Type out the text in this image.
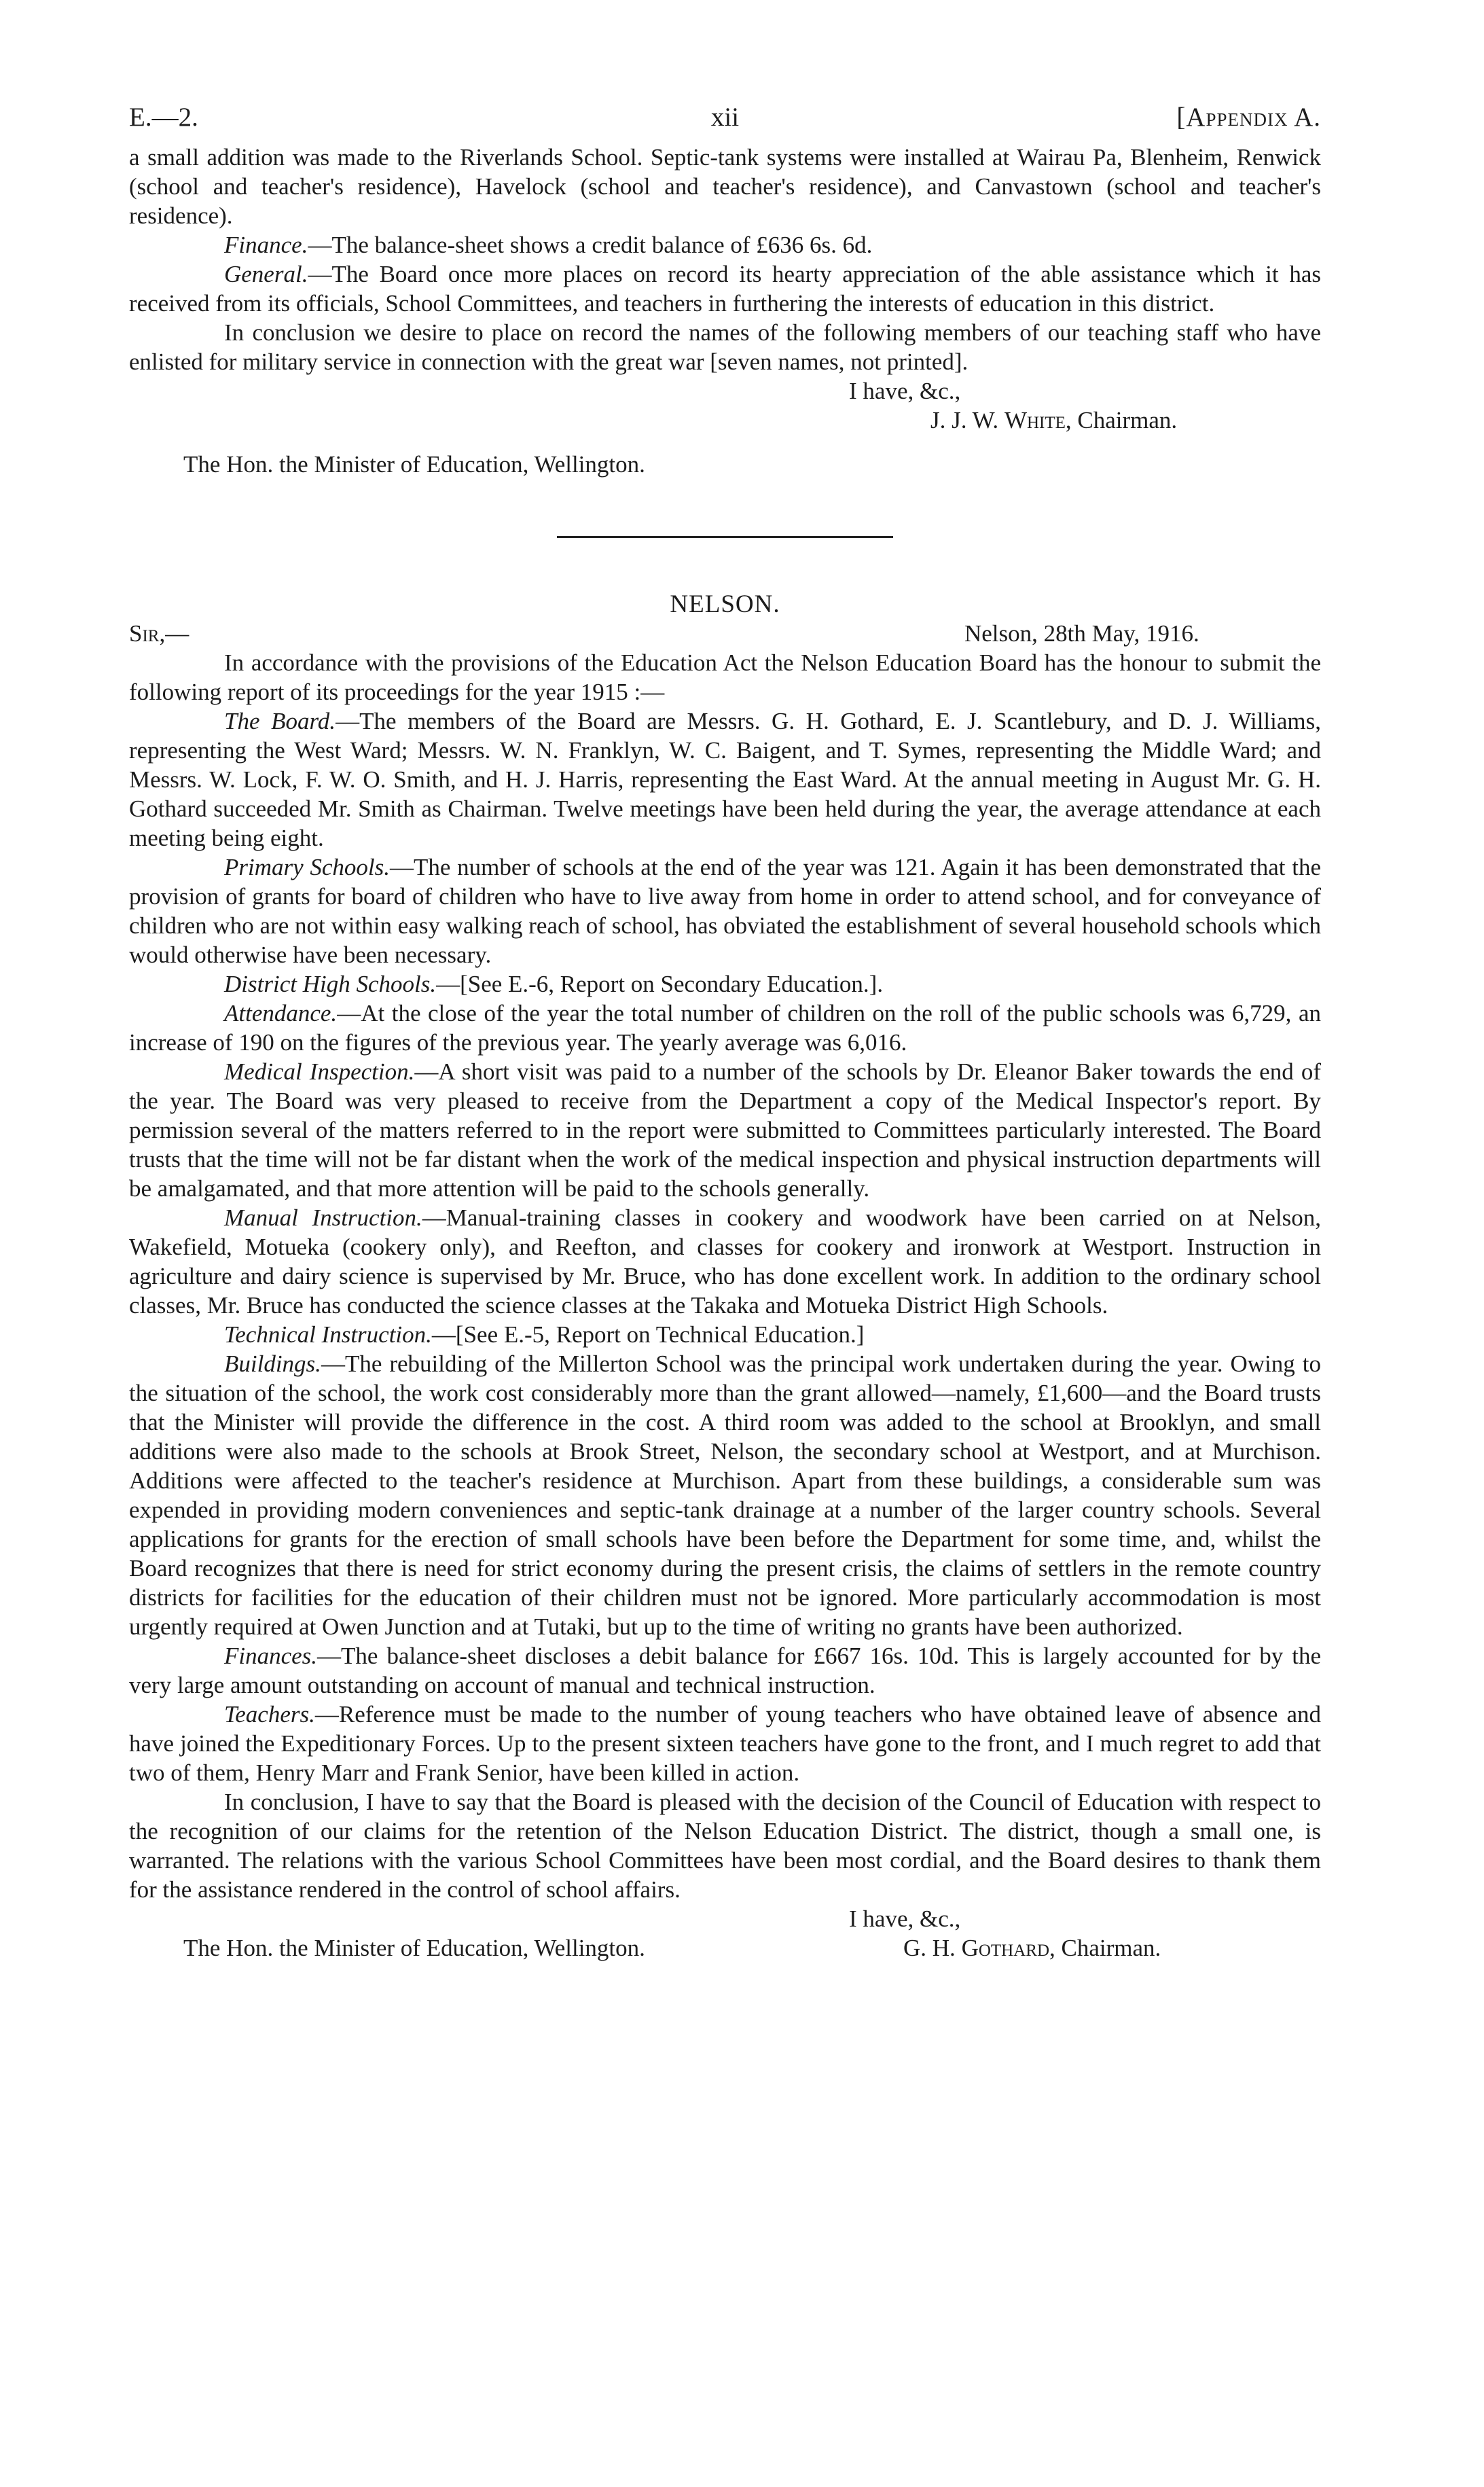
E.—2.	xii	[Appendix A.

a small addition was made to the Riverlands School. Septic-tank systems were installed at Wairau Pa, Blenheim, Renwick (school and teacher's residence), Havelock (school and teacher's residence), and Canvastown (school and teacher's residence).

Finance.—The balance-sheet shows a credit balance of £636 6s. 6d.

General.—The Board once more places on record its hearty appreciation of the able assistance which it has received from its officials, School Committees, and teachers in furthering the interests of education in this district.

In conclusion we desire to place on record the names of the following members of our teaching staff who have enlisted for military service in connection with the great war [seven names, not printed].

I have, &c.,

J. J. W. White, Chairman.

The Hon. the Minister of Education, Wellington.

NELSON.
Sir,—	Nelson, 28th May, 1916.

In accordance with the provisions of the Education Act the Nelson Education Board has the honour to submit the following report of its proceedings for the year 1915 :—

The Board.—The members of the Board are Messrs. G. H. Gothard, E. J. Scantlebury, and D. J. Williams, representing the West Ward; Messrs. W. N. Franklyn, W. C. Baigent, and T. Symes, representing the Middle Ward; and Messrs. W. Lock, F. W. O. Smith, and H. J. Harris, representing the East Ward. At the annual meeting in August Mr. G. H. Gothard succeeded Mr. Smith as Chairman. Twelve meetings have been held during the year, the average attendance at each meeting being eight.

Primary Schools.—The number of schools at the end of the year was 121. Again it has been demonstrated that the provision of grants for board of children who have to live away from home in order to attend school, and for conveyance of children who are not within easy walking reach of school, has obviated the establishment of several household schools which would otherwise have been necessary.

District High Schools.—[See E.-6, Report on Secondary Education.].

Attendance.—At the close of the year the total number of children on the roll of the public schools was 6,729, an increase of 190 on the figures of the previous year. The yearly average was 6,016.

Medical Inspection.—A short visit was paid to a number of the schools by Dr. Eleanor Baker towards the end of the year. The Board was very pleased to receive from the Department a copy of the Medical Inspector's report. By permission several of the matters referred to in the report were submitted to Committees particularly interested. The Board trusts that the time will not be far distant when the work of the medical inspection and physical instruction departments will be amalgamated, and that more attention will be paid to the schools generally.

Manual Instruction.—Manual-training classes in cookery and woodwork have been carried on at Nelson, Wakefield, Motueka (cookery only), and Reefton, and classes for cookery and ironwork at Westport. Instruction in agriculture and dairy science is supervised by Mr. Bruce, who has done excellent work. In addition to the ordinary school classes, Mr. Bruce has conducted the science classes at the Takaka and Motueka District High Schools.

Technical Instruction.—[See E.-5, Report on Technical Education.]

Buildings.—The rebuilding of the Millerton School was the principal work undertaken during the year. Owing to the situation of the school, the work cost considerably more than the grant allowed—namely, £1,600—and the Board trusts that the Minister will provide the difference in the cost. A third room was added to the school at Brooklyn, and small additions were also made to the schools at Brook Street, Nelson, the secondary school at Westport, and at Murchison. Additions were affected to the teacher's residence at Murchison. Apart from these buildings, a considerable sum was expended in providing modern conveniences and septic-tank drainage at a number of the larger country schools. Several applications for grants for the erection of small schools have been before the Department for some time, and, whilst the Board recognizes that there is need for strict economy during the present crisis, the claims of settlers in the remote country districts for facilities for the education of their children must not be ignored. More particularly accommodation is most urgently required at Owen Junction and at Tutaki, but up to the time of writing no grants have been authorized.

Finances.—The balance-sheet discloses a debit balance for £667 16s. 10d. This is largely accounted for by the very large amount outstanding on account of manual and technical instruction.

Teachers.—Reference must be made to the number of young teachers who have obtained leave of absence and have joined the Expeditionary Forces. Up to the present sixteen teachers have gone to the front, and I much regret to add that two of them, Henry Marr and Frank Senior, have been killed in action.

In conclusion, I have to say that the Board is pleased with the decision of the Council of Education with respect to the recognition of our claims for the retention of the Nelson Education District. The district, though a small one, is warranted. The relations with the various School Committees have been most cordial, and the Board desires to thank them for the assistance rendered in the control of school affairs.

I have, &c.,

The Hon. the Minister of Education, Wellington.	G. H. Gothard, Chairman.
